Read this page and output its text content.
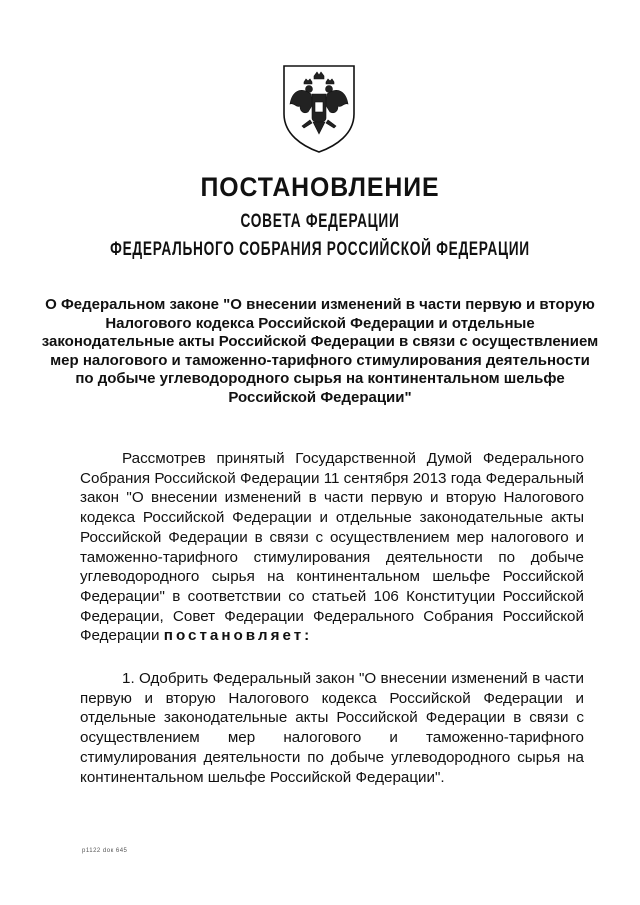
ПОСТАНОВЛЕНИЕ
СОВЕТА ФЕДЕРАЦИИ
ФЕДЕРАЛЬНОГО СОБРАНИЯ РОССИЙСКОЙ ФЕДЕРАЦИИ
О Федеральном законе "О внесении изменений в части первую и вторую Налогового кодекса Российской Федерации и отдельные законодательные акты Российской Федерации в связи с осуществлением мер налогового и таможенно-тарифного стимулирования деятельности по добыче углеводородного сырья на континентальном шельфе Российской Федерации"

Рассмотрев принятый Государственной Думой Федерального Собрания Российской Федерации 11 сентября 2013 года Федеральный закон "О внесении изменений в части первую и вторую Налогового кодекса Российской Федерации и отдельные законодательные акты Российской Федерации в связи с осуществлением мер налогового и таможенно-тарифного стимулирования деятельности по добыче углеводородного сырья на континентальном шельфе Российской Федерации" в соответствии со статьей 106 Конституции Российской Федерации, Совет Федерации Федерального Собрания Российской Федерации постановляет:

1. Одобрить Федеральный закон "О внесении изменений в части первую и вторую Налогового кодекса Российской Федерации и отдельные законодательные акты Российской Федерации в связи с осуществлением мер налогового и таможенно-тарифного стимулирования деятельности по добыче углеводородного сырья на континентальном шельфе Российской Федерации".

р1122 dок 645
